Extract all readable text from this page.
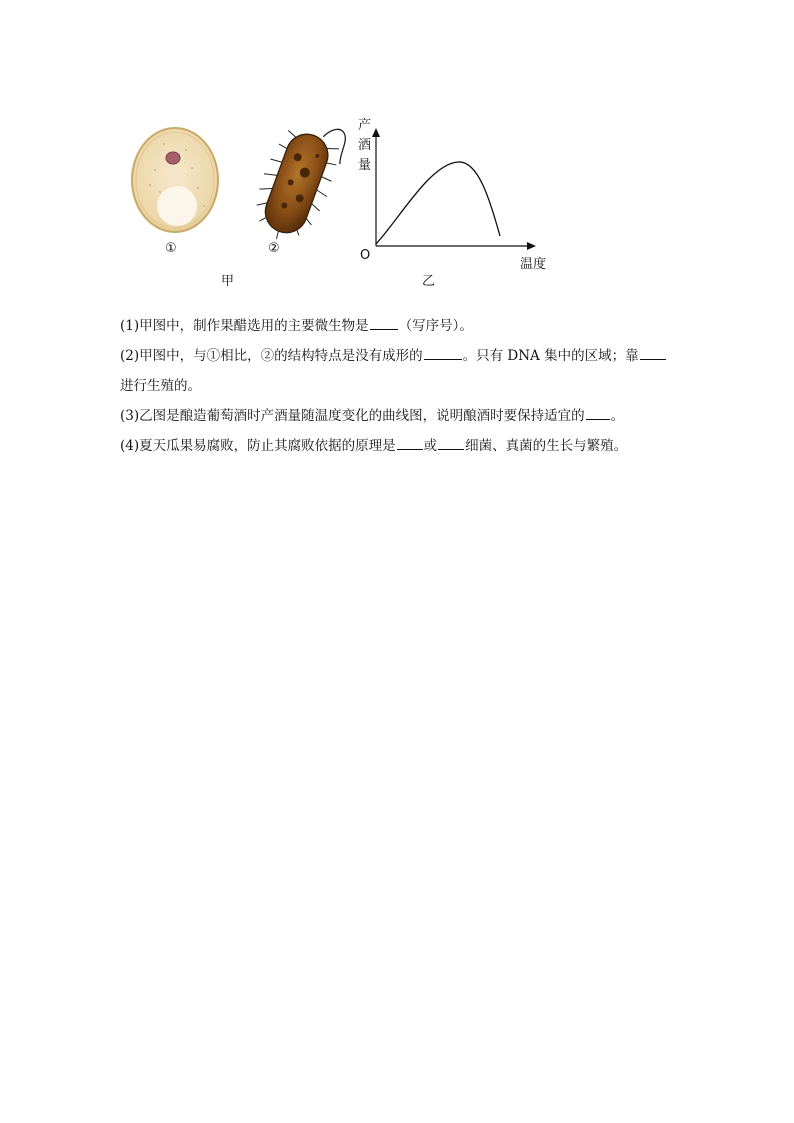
①	②
甲
O
乙
温度
产
酒
量
(1)甲图中，制作果醋选用的主要微生物是 （写序号）。
(2)甲图中，与①相比，②的结构特点是没有成形的	。只有 DNA 集中的区域；靠
进行生殖的。
(3)乙图是酿造葡萄酒时产酒量随温度变化的曲线图，说明酿酒时要保持适宜的 。
(4)夏天瓜果易腐败，防止其腐败依据的原理是 或 细菌、真菌的生长与繁殖。
